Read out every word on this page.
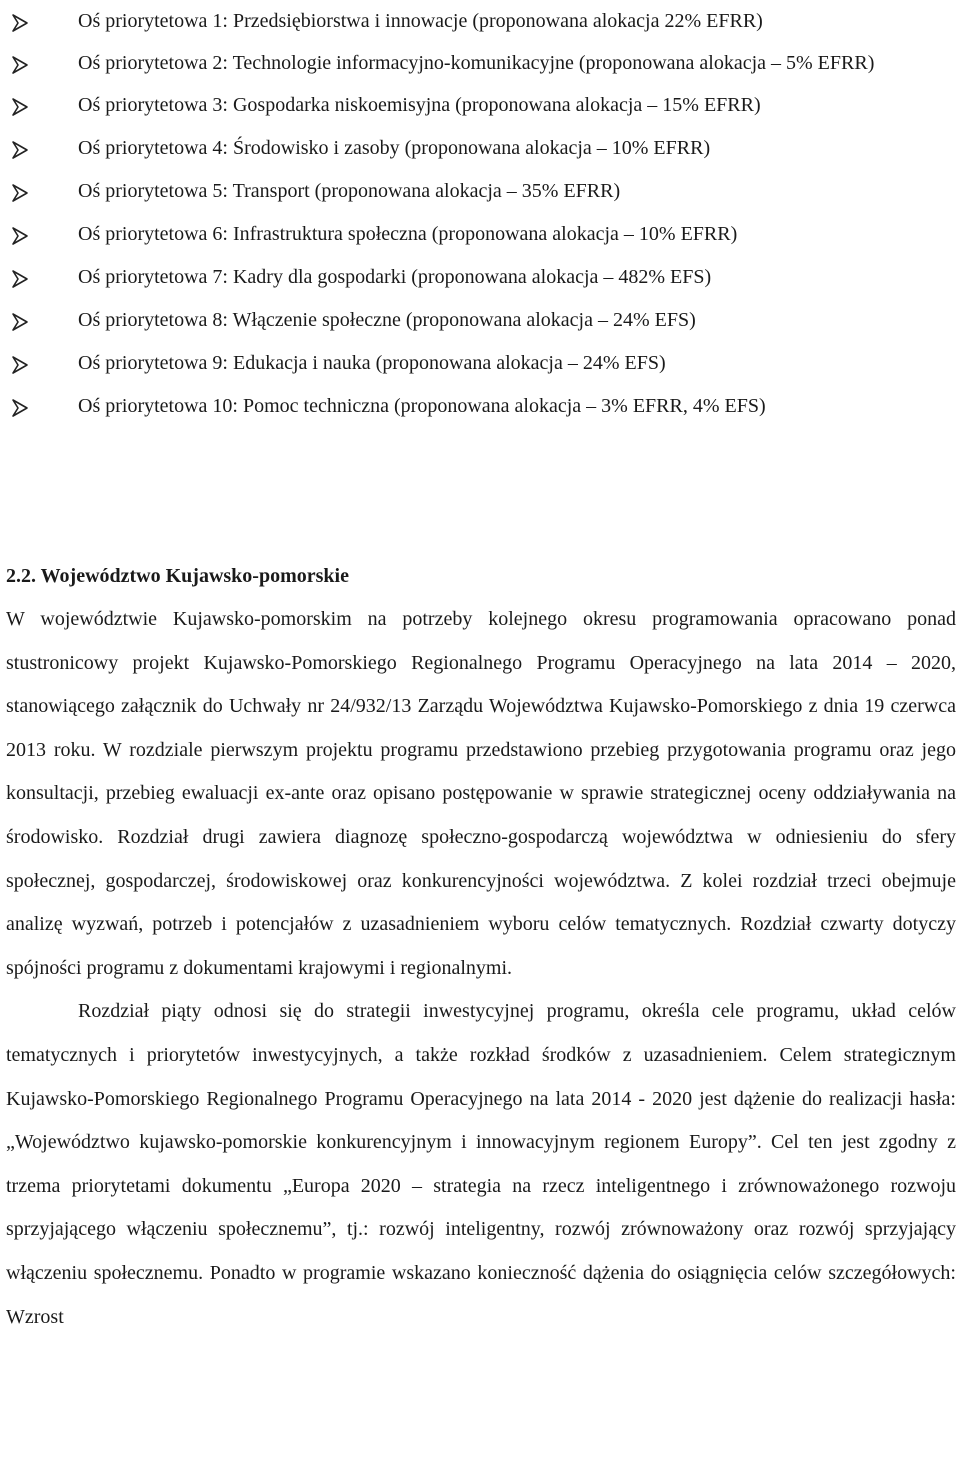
Oś priorytetowa 1: Przedsiębiorstwa i innowacje (proponowana alokacja 22% EFRR)
Oś priorytetowa 2: Technologie informacyjno-komunikacyjne (proponowana alokacja – 5% EFRR)
Oś priorytetowa 3: Gospodarka niskoemisyjna (proponowana alokacja – 15% EFRR)
Oś priorytetowa 4: Środowisko i zasoby (proponowana alokacja – 10% EFRR)
Oś priorytetowa 5: Transport (proponowana alokacja – 35% EFRR)
Oś priorytetowa 6: Infrastruktura społeczna (proponowana alokacja – 10% EFRR)
Oś priorytetowa 7: Kadry dla gospodarki (proponowana alokacja – 482% EFS)
Oś priorytetowa 8: Włączenie społeczne (proponowana alokacja – 24% EFS)
Oś priorytetowa 9: Edukacja i nauka (proponowana alokacja – 24% EFS)
Oś priorytetowa 10: Pomoc techniczna (proponowana alokacja – 3% EFRR, 4% EFS)
2.2. Województwo Kujawsko-pomorskie

W województwie Kujawsko-pomorskim na potrzeby kolejnego okresu programowania opracowano ponad stustronicowy projekt Kujawsko-Pomorskiego Regionalnego Programu Operacyjnego na lata 2014 – 2020, stanowiącego załącznik do Uchwały nr 24/932/13 Zarządu Województwa Kujawsko-Pomorskiego z dnia 19 czerwca 2013 roku. W rozdziale pierwszym projektu programu przedstawiono przebieg przygotowania programu oraz jego konsultacji, przebieg ewaluacji ex-ante oraz opisano postępowanie w sprawie strategicznej oceny oddziaływania na środowisko. Rozdział drugi zawiera diagnozę społeczno-gospodarczą województwa w odniesieniu do sfery społecznej, gospodarczej, środowiskowej oraz konkurencyjności województwa. Z kolei rozdział trzeci obejmuje analizę wyzwań, potrzeb i potencjałów z uzasadnieniem wyboru celów tematycznych. Rozdział czwarty dotyczy spójności programu z dokumentami krajowymi i regionalnymi.

Rozdział piąty odnosi się do strategii inwestycyjnej programu, określa cele programu, układ celów tematycznych i priorytetów inwestycyjnych, a także rozkład środków z uzasadnieniem. Celem strategicznym Kujawsko-Pomorskiego Regionalnego Programu Operacyjnego na lata 2014 - 2020 jest dążenie do realizacji hasła: „Województwo kujawsko-pomorskie konkurencyjnym i innowacyjnym regionem Europy”. Cel ten jest zgodny z trzema priorytetami dokumentu „Europa 2020 – strategia na rzecz inteligentnego i zrównoważonego rozwoju sprzyjającego włączeniu społecznemu”, tj.: rozwój inteligentny, rozwój zrównoważony oraz rozwój sprzyjający włączeniu społecznemu. Ponadto w programie wskazano konieczność dążenia do osiągnięcia celów szczegółowych: Wzrost
